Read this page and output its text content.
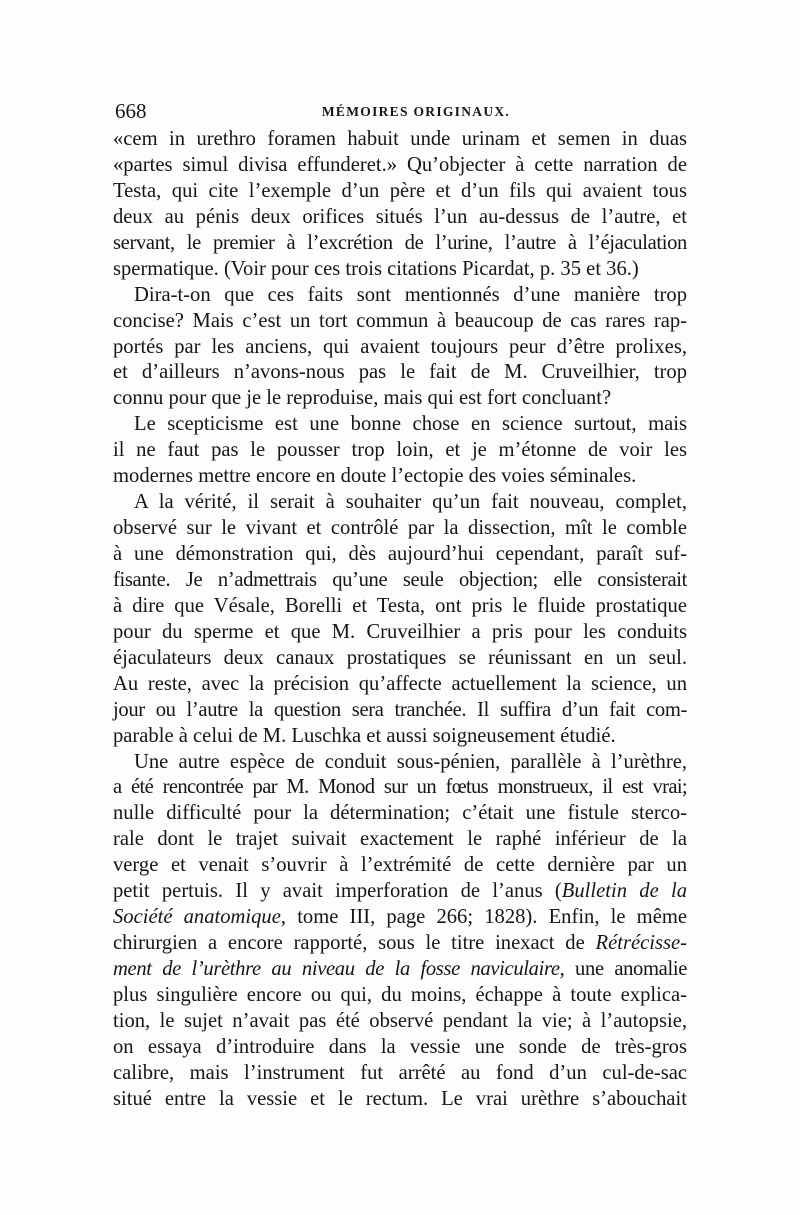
668	MÉMOIRES ORIGINAUX.
«cem in urethro foramen habuit unde urinam et semen in duas
«partes simul divisa effunderet.» Qu’objecter à cette narration de
Testa, qui cite l’exemple d’un père et d’un fils qui avaient tous
deux au pénis deux orifices situés l’un au-dessus de l’autre, et
servant, le premier à l’excrétion de l’urine, l’autre à l’éjaculation
spermatique. (Voir pour ces trois citations Picardat, p. 35 et 36.)
Dira-t-on que ces faits sont mentionnés d’une manière trop
concise? Mais c’est un tort commun à beaucoup de cas rares rap-
portés par les anciens, qui avaient toujours peur d’être prolixes,
et d’ailleurs n’avons-nous pas le fait de M. Cruveilhier, trop
connu pour que je le reproduise, mais qui est fort concluant?
Le scepticisme est une bonne chose en science surtout, mais
il ne faut pas le pousser trop loin, et je m’étonne de voir les
modernes mettre encore en doute l’ectopie des voies séminales.
A la vérité, il serait à souhaiter qu’un fait nouveau, complet,
observé sur le vivant et contrôlé par la dissection, mît le comble
à une démonstration qui, dès aujourd’hui cependant, paraît suf-
fisante. Je n’admettrais qu’une seule objection; elle consisterait
à dire que Vésale, Borelli et Testa, ont pris le fluide prostatique
pour du sperme et que M. Cruveilhier a pris pour les conduits
éjaculateurs deux canaux prostatiques se réunissant en un seul.
Au reste, avec la précision qu’affecte actuellement la science, un
jour ou l’autre la question sera tranchée. Il suffira d’un fait com-
parable à celui de M. Luschka et aussi soigneusement étudié.
Une autre espèce de conduit sous-pénien, parallèle à l’urèthre,
a été rencontrée par M. Monod sur un fœtus monstrueux, il est vrai;
nulle difficulté pour la détermination; c’était une fistule sterco-
rale dont le trajet suivait exactement le raphé inférieur de la
verge et venait s’ouvrir à l’extrémité de cette dernière par un
petit pertuis. Il y avait imperforation de l’anus (Bulletin de la
Société anatomique, tome III, page 266; 1828). Enfin, le même
chirurgien a encore rapporté, sous le titre inexact de Rétrécisse-
ment de l’urèthre au niveau de la fosse naviculaire, une anomalie
plus singulière encore ou qui, du moins, échappe à toute explica-
tion, le sujet n’avait pas été observé pendant la vie; à l’autopsie,
on essaya d’introduire dans la vessie une sonde de très-gros
calibre, mais l’instrument fut arrêté au fond d’un cul-de-sac
situé entre la vessie et le rectum. Le vrai urèthre s’abouchait
